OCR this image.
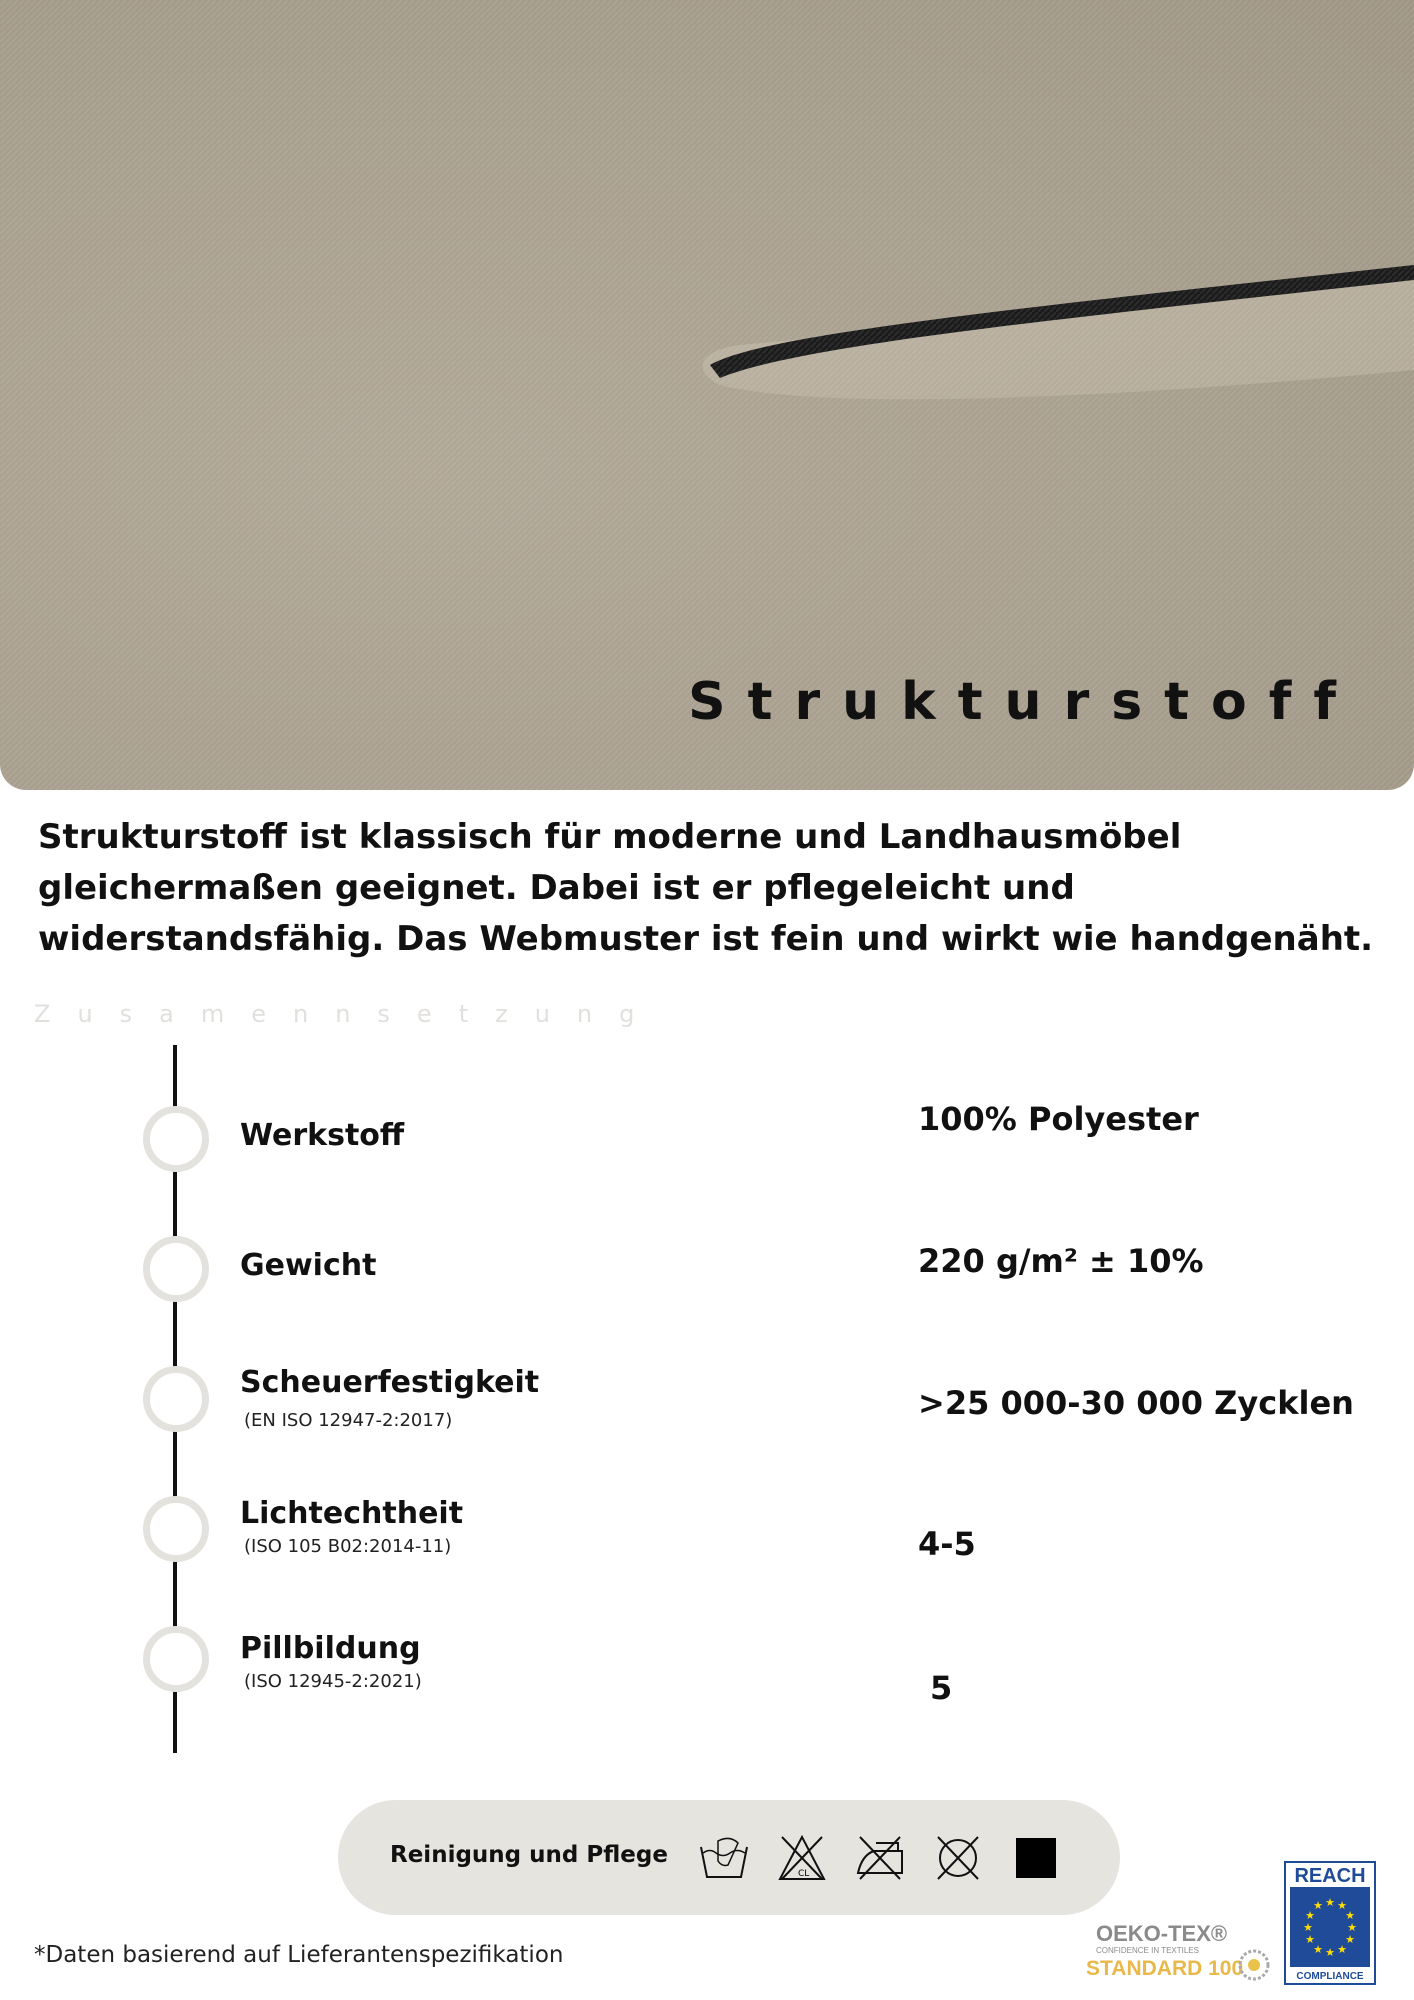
Strukturstoff
Strukturstoff ist klassisch für moderne und Landhausmöbel gleichermaßen geeignet. Dabei ist er pflegeleicht und widerstandsfähig. Das Webmuster ist fein und wirkt wie handgenäht.
Zusamennsetzung
Werkstoff	100% Polyester
Gewicht	220 g/m² ± 10%
Scheuerfestigkeit
(EN ISO 12947-2:2017)	>25 000-30 000 Zycklen
Lichtechtheit
(ISO 105 B02:2014-11)	4-5
Pillbildung
(ISO 12945-2:2021)	5
Reinigung und Pflege
CL
*Daten basierend auf Lieferantenspezifikation
OEKO-TEX®
CONFIDENCE IN TEXTILES
STANDARD 100
REACH
★ ★
★
★
★
★
★
★
★
★
★
★
COMPLIANCE
